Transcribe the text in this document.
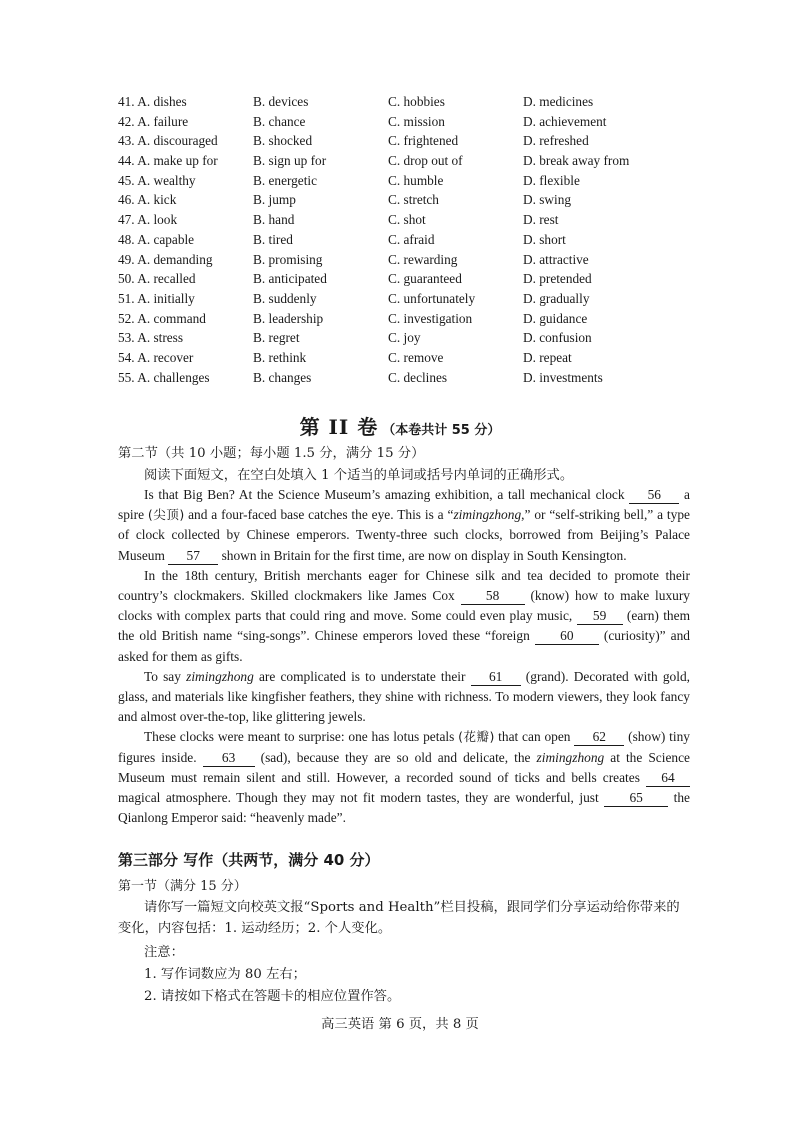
41. A. dishes	B. devices	C. hobbies	D. medicines
42. A. failure	B. chance	C. mission	D. achievement
43. A. discouraged	B. shocked	C. frightened	D. refreshed
44. A. make up for	B. sign up for	C. drop out of	D. break away from
45. A. wealthy	B. energetic	C. humble	D. flexible
46. A. kick	B. jump	C. stretch	D. swing
47. A. look	B. hand	C. shot	D. rest
48. A. capable	B. tired	C. afraid	D. short
49. A. demanding	B. promising	C. rewarding	D. attractive
50. A. recalled	B. anticipated	C. guaranteed	D. pretended
51. A. initially	B. suddenly	C. unfortunately	D. gradually
52. A. command	B. leadership	C. investigation	D. guidance
53. A. stress	B. regret	C. joy	D. confusion
54. A. recover	B. rethink	C. remove	D. repeat
55. A. challenges	B. changes	C. declines	D. investments
第 II 卷 （本卷共计 55 分）
第二节（共 10 小题；每小题 1.5 分，满分 15 分）
阅读下面短文，在空白处填入 1 个适当的单词或括号内单词的正确形式。

Is that Big Ben? At the Science Museum’s amazing exhibition, a tall mechanical clock 56 a spire (尖顶) and a four-faced base catches the eye. This is a “zimingzhong,” or “self-striking bell,” a type of clock collected by Chinese emperors. Twenty-three such clocks, borrowed from Beijing’s Palace Museum 57 shown in Britain for the first time, are now on display in South Kensington.

In the 18th century, British merchants eager for Chinese silk and tea decided to promote their country’s clockmakers. Skilled clockmakers like James Cox 58 (know) how to make luxury clocks with complex parts that could ring and move. Some could even play music, 59 (earn) them the old British name “sing-songs”. Chinese emperors loved these “foreign 60 (curiosity)” and asked for them as gifts.

To say zimingzhong are complicated is to understate their 61 (grand). Decorated with gold, glass, and materials like kingfisher feathers, they shine with richness. To modern viewers, they look fancy and almost over-the-top, like glittering jewels.

These clocks were meant to surprise: one has lotus petals (花瓣) that can open 62 (show) tiny figures inside. 63 (sad), because they are so old and delicate, the zimingzhong at the Science Museum must remain silent and still. However, a recorded sound of ticks and bells creates 64 magical atmosphere. Though they may not fit modern tastes, they are wonderful, just 65 the Qianlong Emperor said: “heavenly made”.

第三部分 写作（共两节，满分 40 分）
第一节（满分 15 分）
请你写一篇短文向校英文报“Sports and Health”栏目投稿，跟同学们分享运动给你带来的变化，内容包括：1. 运动经历；2. 个人变化。
注意：
1. 写作词数应为 80 左右；
2. 请按如下格式在答题卡的相应位置作答。
高三英语 第 6 页，共 8 页
